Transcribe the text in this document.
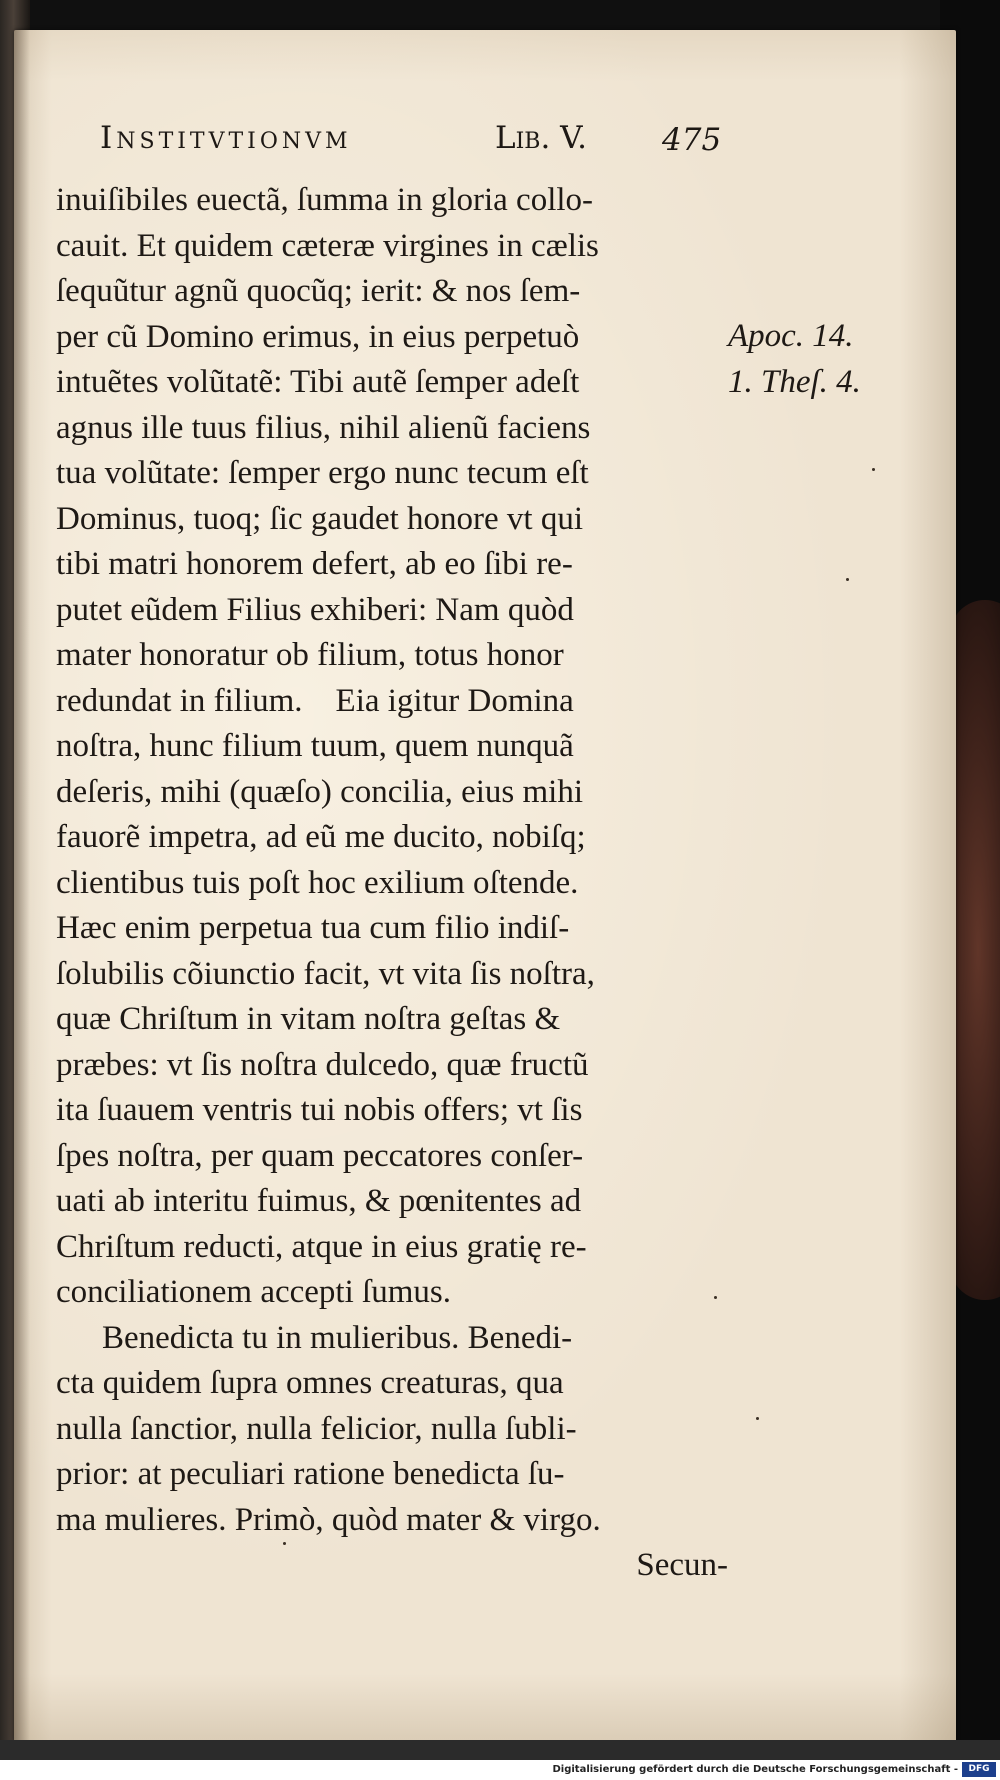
Institvtionvm	Lib. V. 475
inuiſibiles euectã, ſumma in gloria collo-
cauit. Et quidem cæteræ virgines in cælis
ſequũtur agnũ quocũq; ierit: & nos ſem-
per cũ Domino erimus, in eius perpetuò
intuẽtes volũtatẽ: Tibi autẽ ſemper adeſt
agnus ille tuus filius, nihil alienũ faciens
tua volũtate: ſemper ergo nunc tecum eſt
Dominus, tuoq; ſic gaudet honore vt qui
tibi matri honorem defert, ab eo ſibi re-
putet eũdem Filius exhiberi: Nam quòd
mater honoratur ob filium, totus honor
redundat in filium.    Eia igitur Domina
noſtra, hunc filium tuum, quem nunquã
deſeris, mihi (quæſo) concilia, eius mihi
fauorẽ impetra, ad eũ me ducito, nobiſq;
clientibus tuis poſt hoc exilium oſtende.
Hæc enim perpetua tua cum filio indiſ-
ſolubilis cõiunctio facit, vt vita ſis noſtra,
quæ Chriſtum in vitam noſtra geſtas &
præbes: vt ſis noſtra dulcedo, quæ fructũ
ita ſuauem ventris tui nobis offers; vt ſis
ſpes noſtra, per quam peccatores conſer-
uati ab interitu fuimus, & pœnitentes ad
Chriſtum reducti, atque in eius gratię re-
conciliationem accepti ſumus.
Benedicta tu in mulieribus. Benedi-
cta quidem ſupra omnes creaturas, qua
nulla ſanctior, nulla felicior, nulla ſubli-
prior: at peculiari ratione benedicta ſu-
ma mulieres. Primò, quòd mater & virgo.
Secun-
Apoc. 14.
1. Theſ. 4.
Digitalisierung gefördert durch die Deutsche Forschungsgemeinschaft -	DFG
